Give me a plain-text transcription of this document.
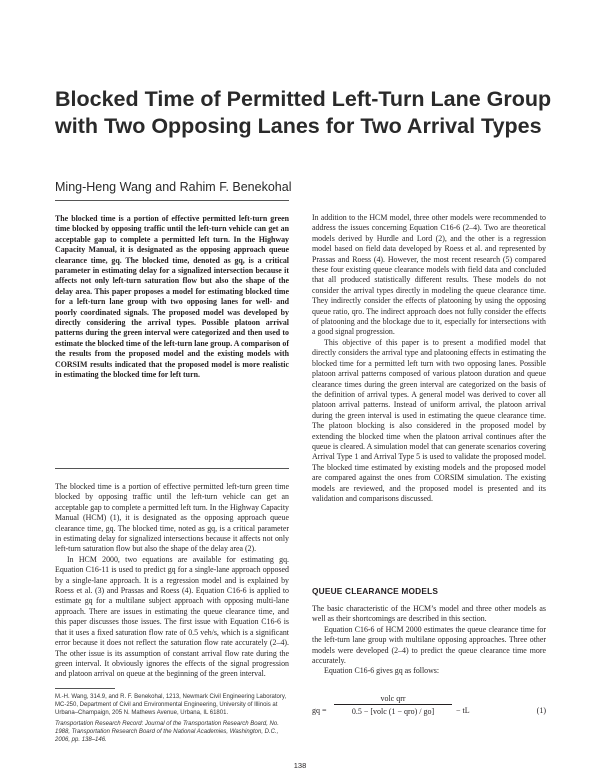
Blocked Time of Permitted Left-Turn Lane Group with Two Opposing Lanes for Two Arrival Types
Ming-Heng Wang and Rahim F. Benekohal

The blocked time is a portion of effective permitted left-turn green time blocked by opposing traffic until the left-turn vehicle can get an acceptable gap to complete a permitted left turn. In the Highway Capacity Manual, it is designated as the opposing approach queue clearance time, gq. The blocked time, denoted as gq, is a critical parameter in estimating delay for a signalized intersection because it affects not only left-turn saturation flow but also the shape of the delay area. This paper proposes a model for estimating blocked time for a left-turn lane group with two opposing lanes for well- and poorly coordinated signals. The proposed model was developed by directly considering the arrival types. Possible platoon arrival patterns during the green interval were categorized and then used to estimate the blocked time of the left-turn lane group. A comparison of the results from the proposed model and the existing models with CORSIM results indicated that the proposed model is more realistic in estimating the blocked time for left turn.

The blocked time is a portion of effective permitted left-turn green time blocked by opposing traffic until the left-turn vehicle can get an acceptable gap to complete a permitted left turn. In the Highway Capacity Manual (HCM) (1), it is designated as the opposing approach queue clearance time, gq. The blocked time, noted as gq, is a critical parameter in estimating delay for signalized intersections because it affects not only left-turn saturation flow but also the shape of the delay area (2).

In HCM 2000, two equations are available for estimating gq. Equation C16-11 is used to predict gq for a single-lane approach opposed by a single-lane approach. It is a regression model and is explained by Roess et al. (3) and Prassas and Roess (4). Equation C16-6 is applied to estimate gq for a multilane subject approach with opposing multi-lane approach. There are issues in estimating the queue clearance time, and this paper discusses those issues. The first issue with Equation C16-6 is that it uses a fixed saturation flow rate of 0.5 veh/s, which is a significant error because it does not reflect the saturation flow rate accurately (2–4). The other issue is its assumption of constant arrival flow rate during the green interval. It obviously ignores the effects of the signal progression and platoon arrival on queue at the beginning of the green interval.

M.-H. Wang, 314.9, and R. F. Benekohal, 1213, Newmark Civil Engineering Laboratory, MC-250, Department of Civil and Environmental Engineering, University of Illinois at Urbana–Champaign, 205 N. Mathews Avenue, Urbana, IL 61801.

Transportation Research Record: Journal of the Transportation Research Board, No. 1988, Transportation Research Board of the National Academies, Washington, D.C., 2006, pp. 138–146.

In addition to the HCM model, three other models were recommended to address the issues concerning Equation C16-6 (2–4). Two are theoretical models derived by Hurdle and Lord (2), and the other is a regression model based on field data developed by Roess et al. and represented by Prassas and Roess (4). However, the most recent research (5) compared these four existing queue clearance models with field data and concluded that all produced statistically different results. These models do not consider the arrival types directly in modeling the queue clearance time. They indirectly consider the effects of platooning by using the opposing queue ratio, qro. The indirect approach does not fully consider the effects of platooning and the blockage due to it, especially for intersections with a good signal progression.

This objective of this paper is to present a modified model that directly considers the arrival type and platooning effects in estimating the blocked time for a permitted left turn with two opposing lanes. Possible platoon arrival patterns composed of various platoon duration and queue clearance times during the green interval are categorized on the basis of the definition of arrival types. A general model was derived to cover all platoon arrival patterns. Instead of uniform arrival, the platoon arrival during the green interval is used in estimating the queue clearance time. The platoon blocking is also considered in the proposed model by extending the blocked time when the platoon arrival continues after the queue is cleared. A simulation model that can generate scenarios covering Arrival Type 1 and Arrival Type 5 is used to validate the proposed model. The blocked time estimated by existing models and the proposed model are compared against the ones from CORSIM simulation. The existing models are reviewed, and the proposed model is presented and its validation and comparisons discussed.

QUEUE CLEARANCE MODELS

The basic characteristic of the HCM’s model and three other models as well as their shortcomings are described in this section.

Equation C16-6 of HCM 2000 estimates the queue clearance time for the left-turn lane group with multilane opposing approaches. Three other models were developed (2–4) to predict the queue clearance time more accurately.

Equation C16-6 gives gq as follows:

gq =
volc qrr
0.5 − [volc (1 − qro) / go]	− tL	(1)
138
